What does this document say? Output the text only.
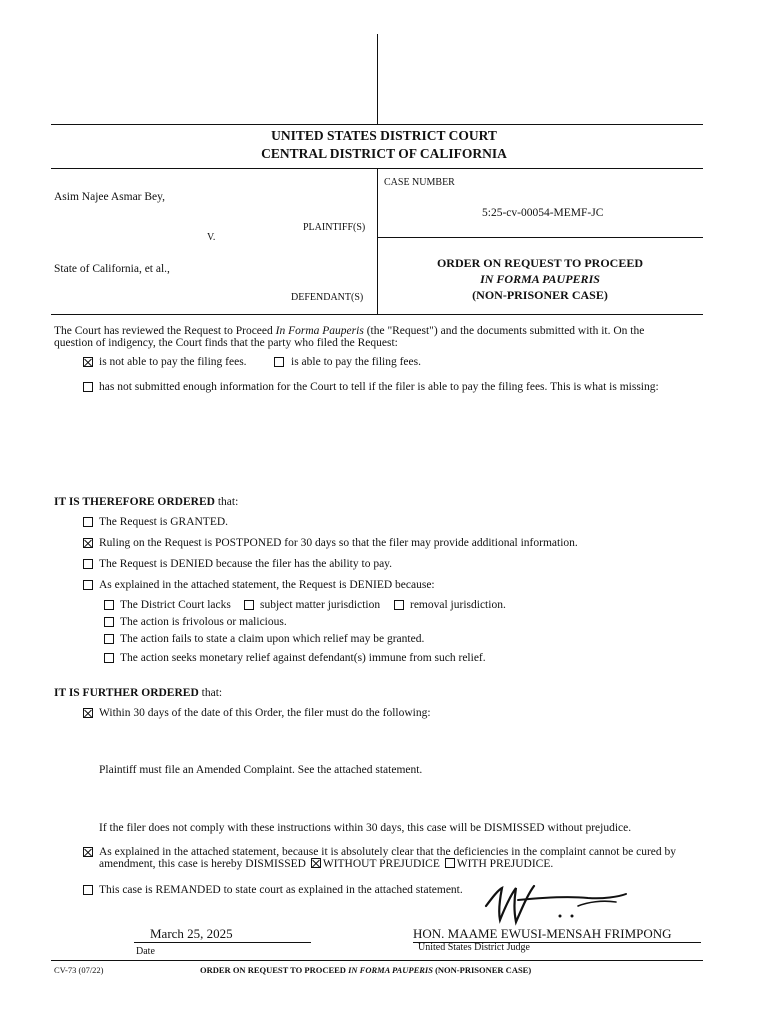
UNITED STATES DISTRICT COURT
CENTRAL DISTRICT OF CALIFORNIA
Asim Najee Asmar Bey,
PLAINTIFF(S)
V.
State of California, et al.,
DEFENDANT(S)
CASE NUMBER
5:25-cv-00054-MEMF-JC
ORDER ON REQUEST TO PROCEED
IN FORMA PAUPERIS
(NON-PRISONER CASE)
The Court has reviewed the Request to Proceed In Forma Pauperis (the "Request") and the documents submitted with it. On the
question of indigency, the Court finds that the party who filed the Request:
is not able to pay the filing fees.	is able to pay the filing fees.
has not submitted enough information for the Court to tell if the filer is able to pay the filing fees. This is what is missing:
IT IS THEREFORE ORDERED that:
The Request is GRANTED.
Ruling on the Request is POSTPONED for 30 days so that the filer may provide additional information.
The Request is DENIED because the filer has the ability to pay.
As explained in the attached statement, the Request is DENIED because:
The District Court lacks	subject matter jurisdiction	removal jurisdiction.
The action is frivolous or malicious.
The action fails to state a claim upon which relief may be granted.
The action seeks monetary relief against defendant(s) immune from such relief.
IT IS FURTHER ORDERED that:
Within 30 days of the date of this Order, the filer must do the following:
Plaintiff must file an Amended Complaint. See the attached statement.
If the filer does not comply with these instructions within 30 days, this case will be DISMISSED without prejudice.
As explained in the attached statement, because it is absolutely clear that the deficiencies in the complaint cannot be cured by
amendment, this case is hereby DISMISSED WITHOUT PREJUDICE WITH PREJUDICE.
This case is REMANDED to state court as explained in the attached statement.
March 25, 2025
Date
HON. MAAME EWUSI-MENSAH FRIMPONG
United States District Judge
CV-73 (07/22)	ORDER ON REQUEST TO PROCEED IN FORMA PAUPERIS (NON-PRISONER CASE)
